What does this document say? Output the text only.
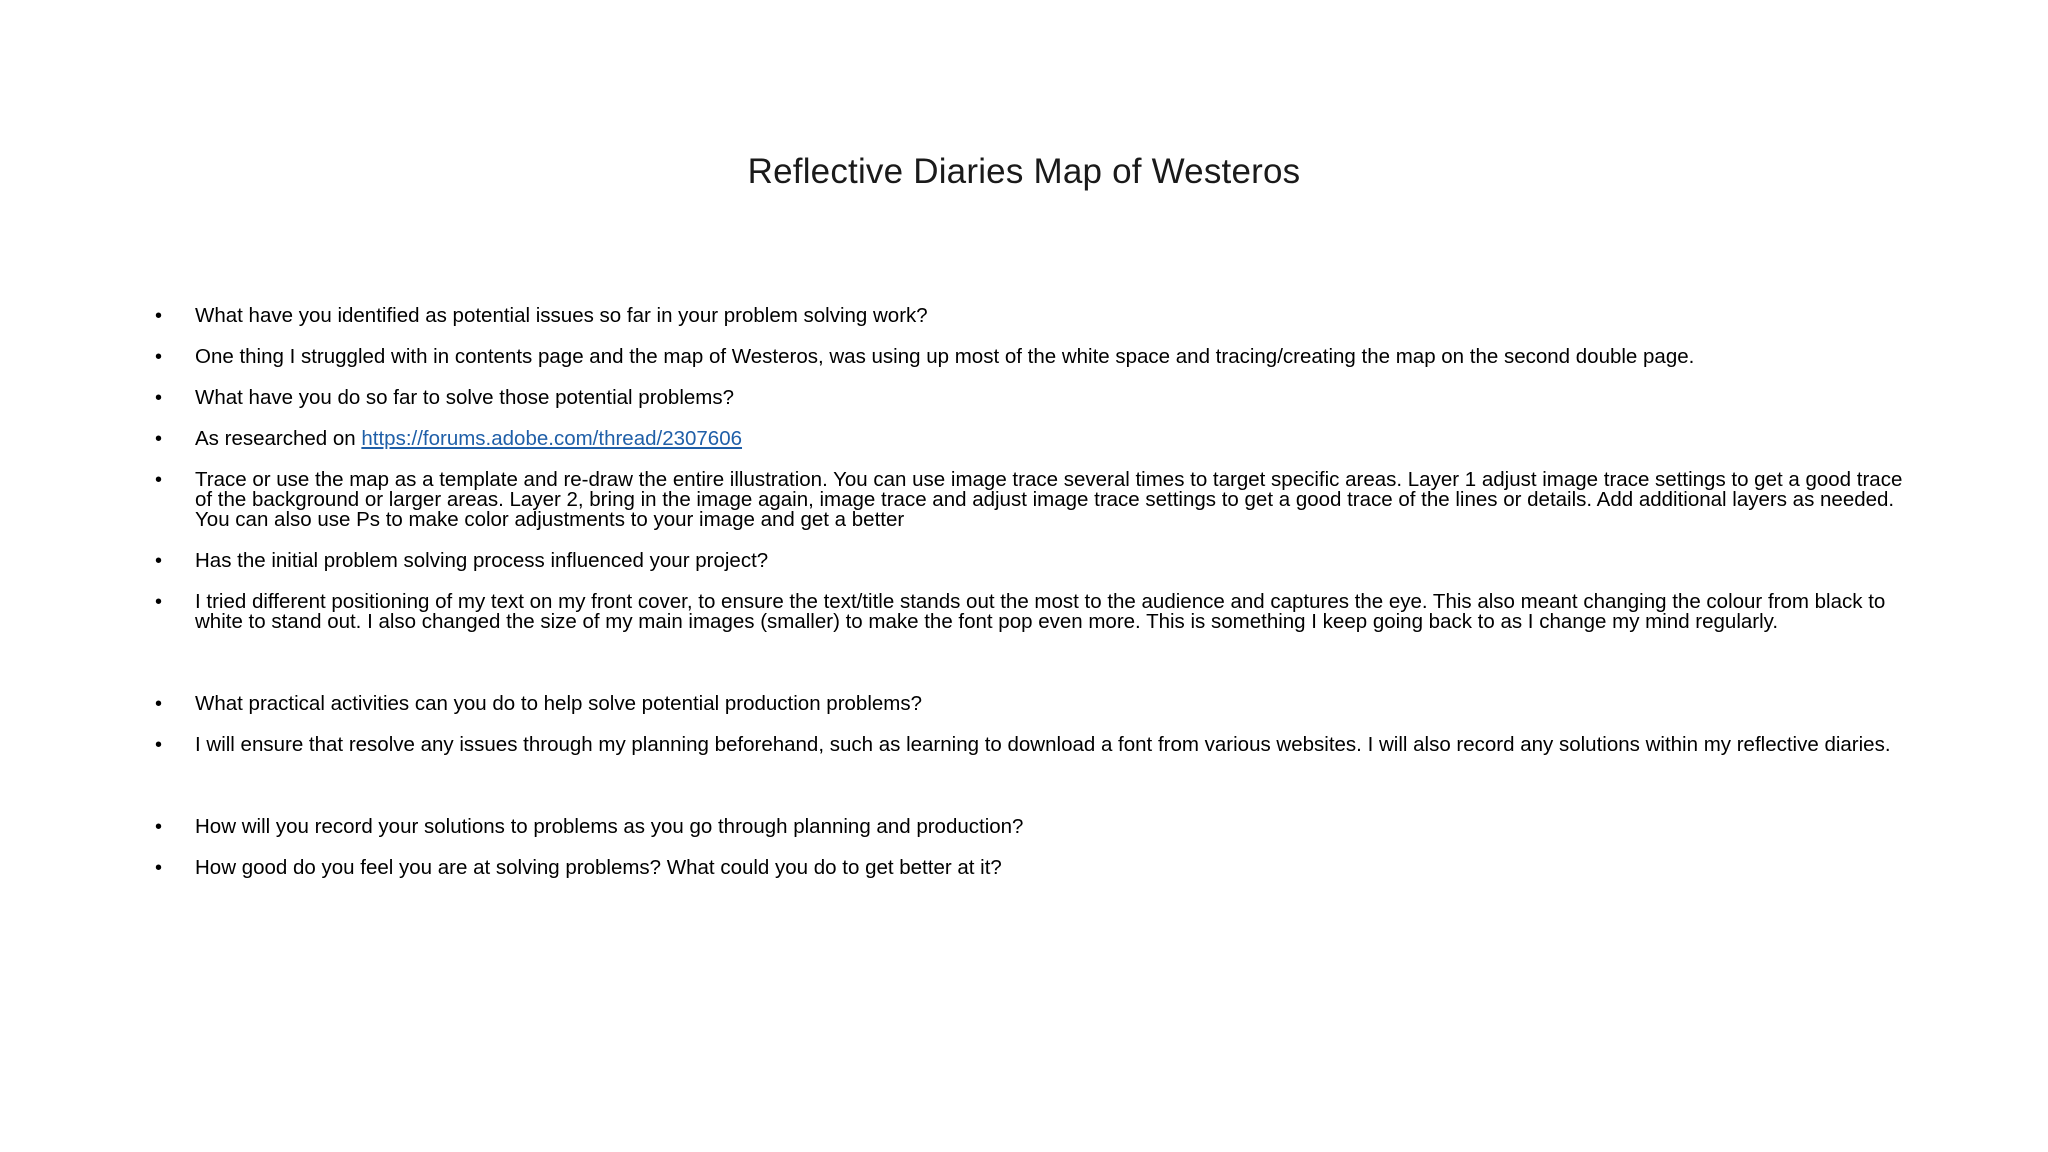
Reflective Diaries Map of Westeros
• What have you identified as potential issues so far in your problem solving work?
• One thing I struggled with in contents page and the map of Westeros, was using up most of the white space and tracing/creating the map on the second double page.
• What have you do so far to solve those potential problems?
• As researched on https://forums.adobe.com/thread/2307606
• Trace or use the map as a template and re-draw the entire illustration. You can use image trace several times to target specific areas. Layer 1 adjust image trace settings to get a good trace of the background or larger areas. Layer 2, bring in the image again, image trace and adjust image trace settings to get a good trace of the lines or details. Add additional layers as needed. You can also use Ps to make color adjustments to your image and get a better
• Has the initial problem solving process influenced your project?
• I tried different positioning of my text on my front cover, to ensure the text/title stands out the most to the audience and captures the eye. This also meant changing the colour from black to white to stand out. I also changed the size of my main images (smaller) to make the font pop even more. This is something I keep going back to as I change my mind regularly.
• What practical activities can you do to help solve potential production problems?
• I will ensure that resolve any issues through my planning beforehand, such as learning to download a font from various websites. I will also record any solutions within my reflective diaries.
• How will you record your solutions to problems as you go through planning and production?
• How good do you feel you are at solving problems? What could you do to get better at it?
